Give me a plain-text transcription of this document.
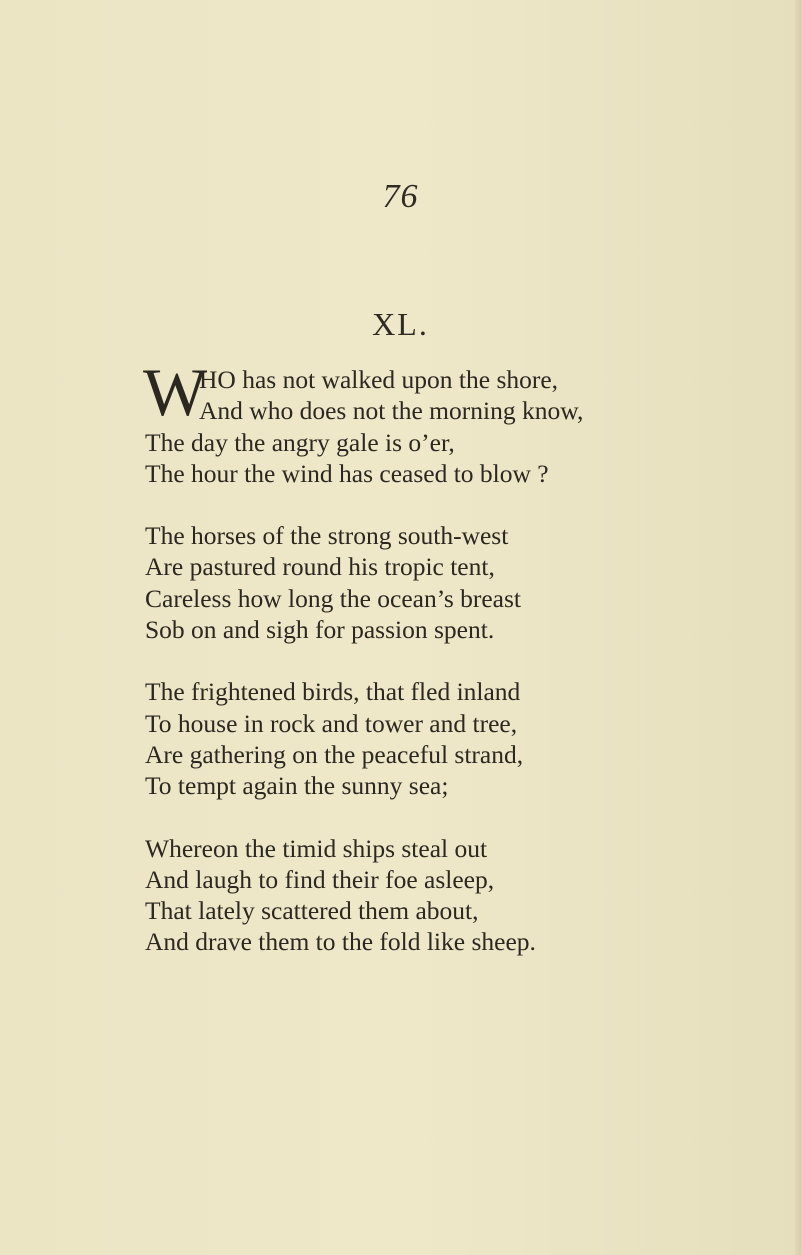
76
XL.
W
HO has not walked upon the shore,
And who does not the morning know,
The day the angry gale is o’er,
The hour the wind has ceased to blow ?
The horses of the strong south-west
Are pastured round his tropic tent,
Careless how long the ocean’s breast
Sob on and sigh for passion spent.
The frightened birds, that fled inland
To house in rock and tower and tree,
Are gathering on the peaceful strand,
To tempt again the sunny sea;
Whereon the timid ships steal out
And laugh to find their foe asleep,
That lately scattered them about,
And drave them to the fold like sheep.
